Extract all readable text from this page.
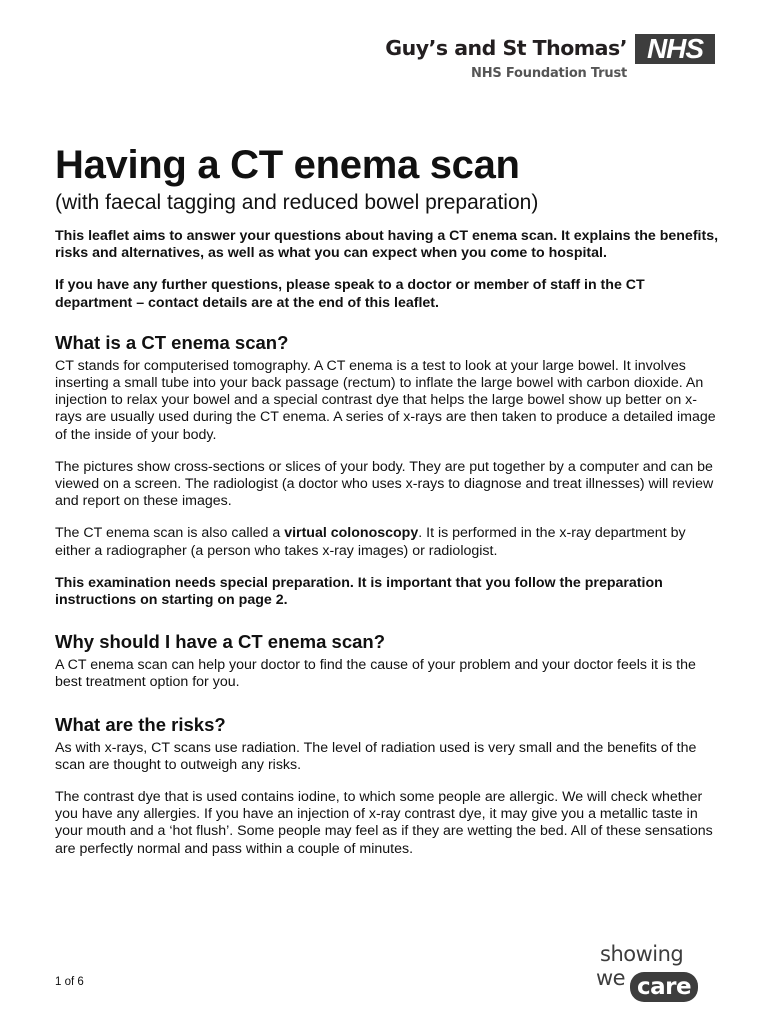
Guy’s and St Thomas’
NHS Foundation Trust
NHS
Having a CT enema scan
(with faecal tagging and reduced bowel preparation)

This leaflet aims to answer your questions about having a CT enema scan. It explains the benefits, risks and alternatives, as well as what you can expect when you come to hospital.

If you have any further questions, please speak to a doctor or member of staff in the CT department – contact details are at the end of this leaflet.

What is a CT enema scan?

CT stands for computerised tomography. A CT enema is a test to look at your large bowel. It involves inserting a small tube into your back passage (rectum) to inflate the large bowel with carbon dioxide. An injection to relax your bowel and a special contrast dye that helps the large bowel show up better on x-rays are usually used during the CT enema. A series of x-rays are then taken to produce a detailed image of the inside of your body.

The pictures show cross-sections or slices of your body. They are put together by a computer and can be viewed on a screen. The radiologist (a doctor who uses x-rays to diagnose and treat illnesses) will review and report on these images.

The CT enema scan is also called a virtual colonoscopy. It is performed in the x-ray department by either a radiographer (a person who takes x-ray images) or radiologist.

This examination needs special preparation. It is important that you follow the preparation instructions on starting on page 2.

Why should I have a CT enema scan?

A CT enema scan can help your doctor to find the cause of your problem and your doctor feels it is the best treatment option for you.

What are the risks?

As with x-rays, CT scans use radiation. The level of radiation used is very small and the benefits of the scan are thought to outweigh any risks.

The contrast dye that is used contains iodine, to which some people are allergic. We will check whether you have any allergies. If you have an injection of x-ray contrast dye, it may give you a metallic taste in your mouth and a ‘hot flush’. Some people may feel as if they are wetting the bed. All of these sensations are perfectly normal and pass within a couple of minutes.

1 of 6
showing
we care
